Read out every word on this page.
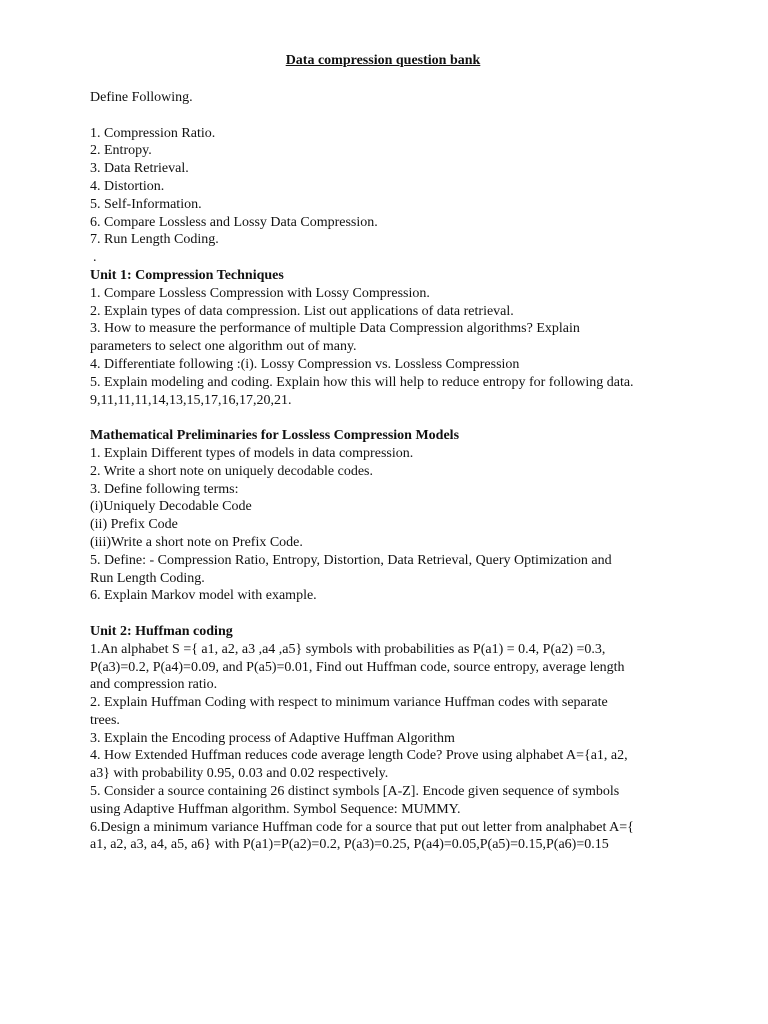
Data compression question bank
Define Following.
1. Compression Ratio.
2. Entropy.
3. Data Retrieval.
4. Distortion.
5. Self-Information.
6. Compare Lossless and Lossy Data Compression.
7. Run Length Coding.
.
Unit 1: Compression Techniques
1. Compare Lossless Compression with Lossy Compression.
2. Explain types of data compression. List out applications of data retrieval.
3. How to measure the performance of multiple Data Compression algorithms? Explain
parameters to select one algorithm out of many.
4. Differentiate following :(i). Lossy Compression vs. Lossless Compression
5. Explain modeling and coding. Explain how this will help to reduce entropy for following data.
9,11,11,11,14,13,15,17,16,17,20,21.
Mathematical Preliminaries for Lossless Compression Models
1. Explain Different types of models in data compression.
2. Write a short note on uniquely decodable codes.
3. Define following terms:
(i)Uniquely Decodable Code
(ii) Prefix Code
(iii)Write a short note on Prefix Code.
5. Define: - Compression Ratio, Entropy, Distortion, Data Retrieval, Query Optimization and
Run Length Coding.
6. Explain Markov model with example.
Unit 2: Huffman coding
1.An alphabet S ={ a1, a2, a3 ,a4 ,a5} symbols with probabilities as P(a1) = 0.4, P(a2) =0.3,
P(a3)=0.2, P(a4)=0.09, and P(a5)=0.01, Find out Huffman code, source entropy, average length
and compression ratio.
2. Explain Huffman Coding with respect to minimum variance Huffman codes with separate
trees.
3. Explain the Encoding process of Adaptive Huffman Algorithm
4. How Extended Huffman reduces code average length Code? Prove using alphabet A={a1, a2,
a3} with probability 0.95, 0.03 and 0.02 respectively.
5. Consider a source containing 26 distinct symbols [A-Z]. Encode given sequence of symbols
using Adaptive Huffman algorithm. Symbol Sequence: MUMMY.
6.Design a minimum variance Huffman code for a source that put out letter from analphabet A={
a1, a2, a3, a4, a5, a6} with P(a1)=P(a2)=0.2, P(a3)=0.25, P(a4)=0.05,P(a5)=0.15,P(a6)=0.15
